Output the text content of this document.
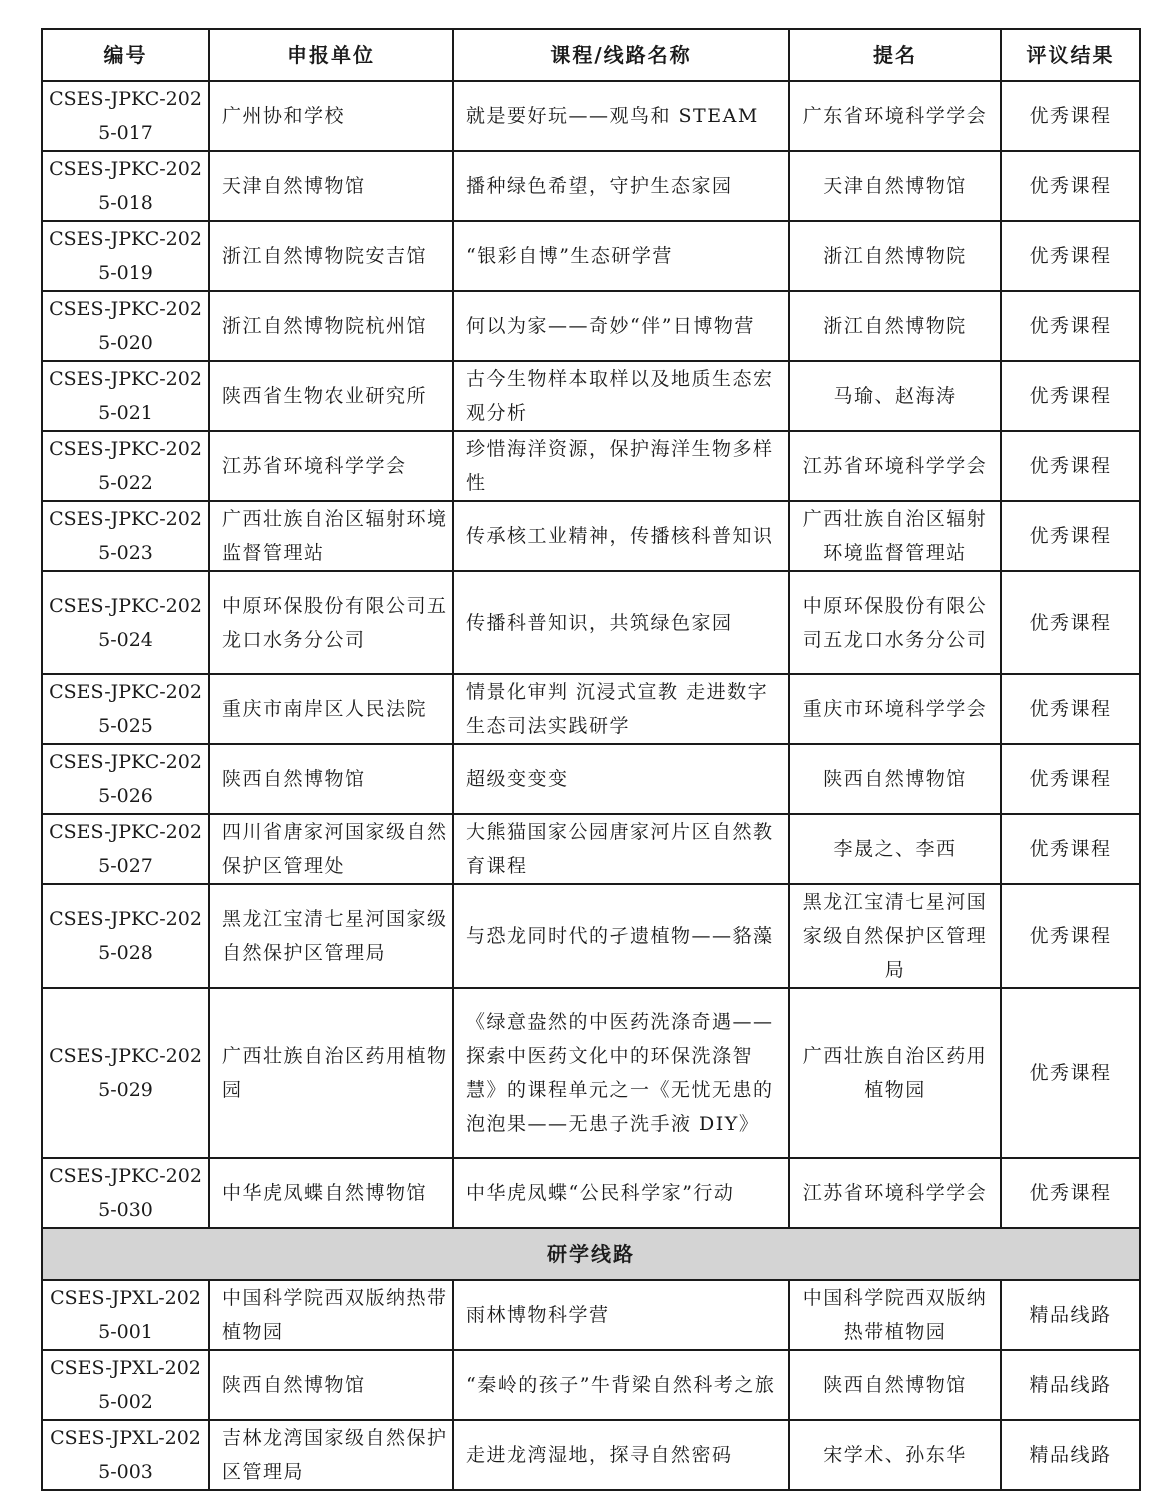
编号	申报单位	课程/线路名称	提名	评议结果
CSES-JPKC-2025-017	广州协和学校	就是要好玩——观鸟和 STEAM	广东省环境科学学会	优秀课程
CSES-JPKC-2025-018	天津自然博物馆	播种绿色希望，守护生态家园	天津自然博物馆	优秀课程
CSES-JPKC-2025-019	浙江自然博物院安吉馆	“银彩自博”生态研学营	浙江自然博物院	优秀课程
CSES-JPKC-2025-020	浙江自然博物院杭州馆	何以为家——奇妙“伴”日博物营	浙江自然博物院	优秀课程
CSES-JPKC-2025-021	陕西省生物农业研究所	古今生物样本取样以及地质生态宏观分析	马瑜、赵海涛	优秀课程
CSES-JPKC-2025-022	江苏省环境科学学会	珍惜海洋资源，保护海洋生物多样性	江苏省环境科学学会	优秀课程
CSES-JPKC-2025-023	广西壮族自治区辐射环境监督管理站	传承核工业精神，传播核科普知识	广西壮族自治区辐射环境监督管理站	优秀课程
CSES-JPKC-2025-024	中原环保股份有限公司五龙口水务分公司	传播科普知识，共筑绿色家园	中原环保股份有限公司五龙口水务分公司	优秀课程
CSES-JPKC-2025-025	重庆市南岸区人民法院	情景化审判 沉浸式宣教 走进数字生态司法实践研学	重庆市环境科学学会	优秀课程
CSES-JPKC-2025-026	陕西自然博物馆	超级变变变	陕西自然博物馆	优秀课程
CSES-JPKC-2025-027	四川省唐家河国家级自然保护区管理处	大熊猫国家公园唐家河片区自然教育课程	李晟之、李西	优秀课程
CSES-JPKC-2025-028	黑龙江宝清七星河国家级自然保护区管理局	与恐龙同时代的孑遗植物——貉藻	黑龙江宝清七星河国家级自然保护区管理局	优秀课程
CSES-JPKC-2025-029	广西壮族自治区药用植物园	《绿意盎然的中医药洗涤奇遇——探索中医药文化中的环保洗涤智慧》的课程单元之一《无忧无患的泡泡果——无患子洗手液 DIY》	广西壮族自治区药用植物园	优秀课程
CSES-JPKC-2025-030	中华虎凤蝶自然博物馆	中华虎凤蝶“公民科学家”行动	江苏省环境科学学会	优秀课程
研学线路				
CSES-JPXL-2025-001	中国科学院西双版纳热带植物园	雨林博物科学营	中国科学院西双版纳热带植物园	精品线路
CSES-JPXL-2025-002	陕西自然博物馆	“秦岭的孩子”牛背梁自然科考之旅	陕西自然博物馆	精品线路
CSES-JPXL-2025-003	吉林龙湾国家级自然保护区管理局	走进龙湾湿地，探寻自然密码	宋学术、孙东华	精品线路
